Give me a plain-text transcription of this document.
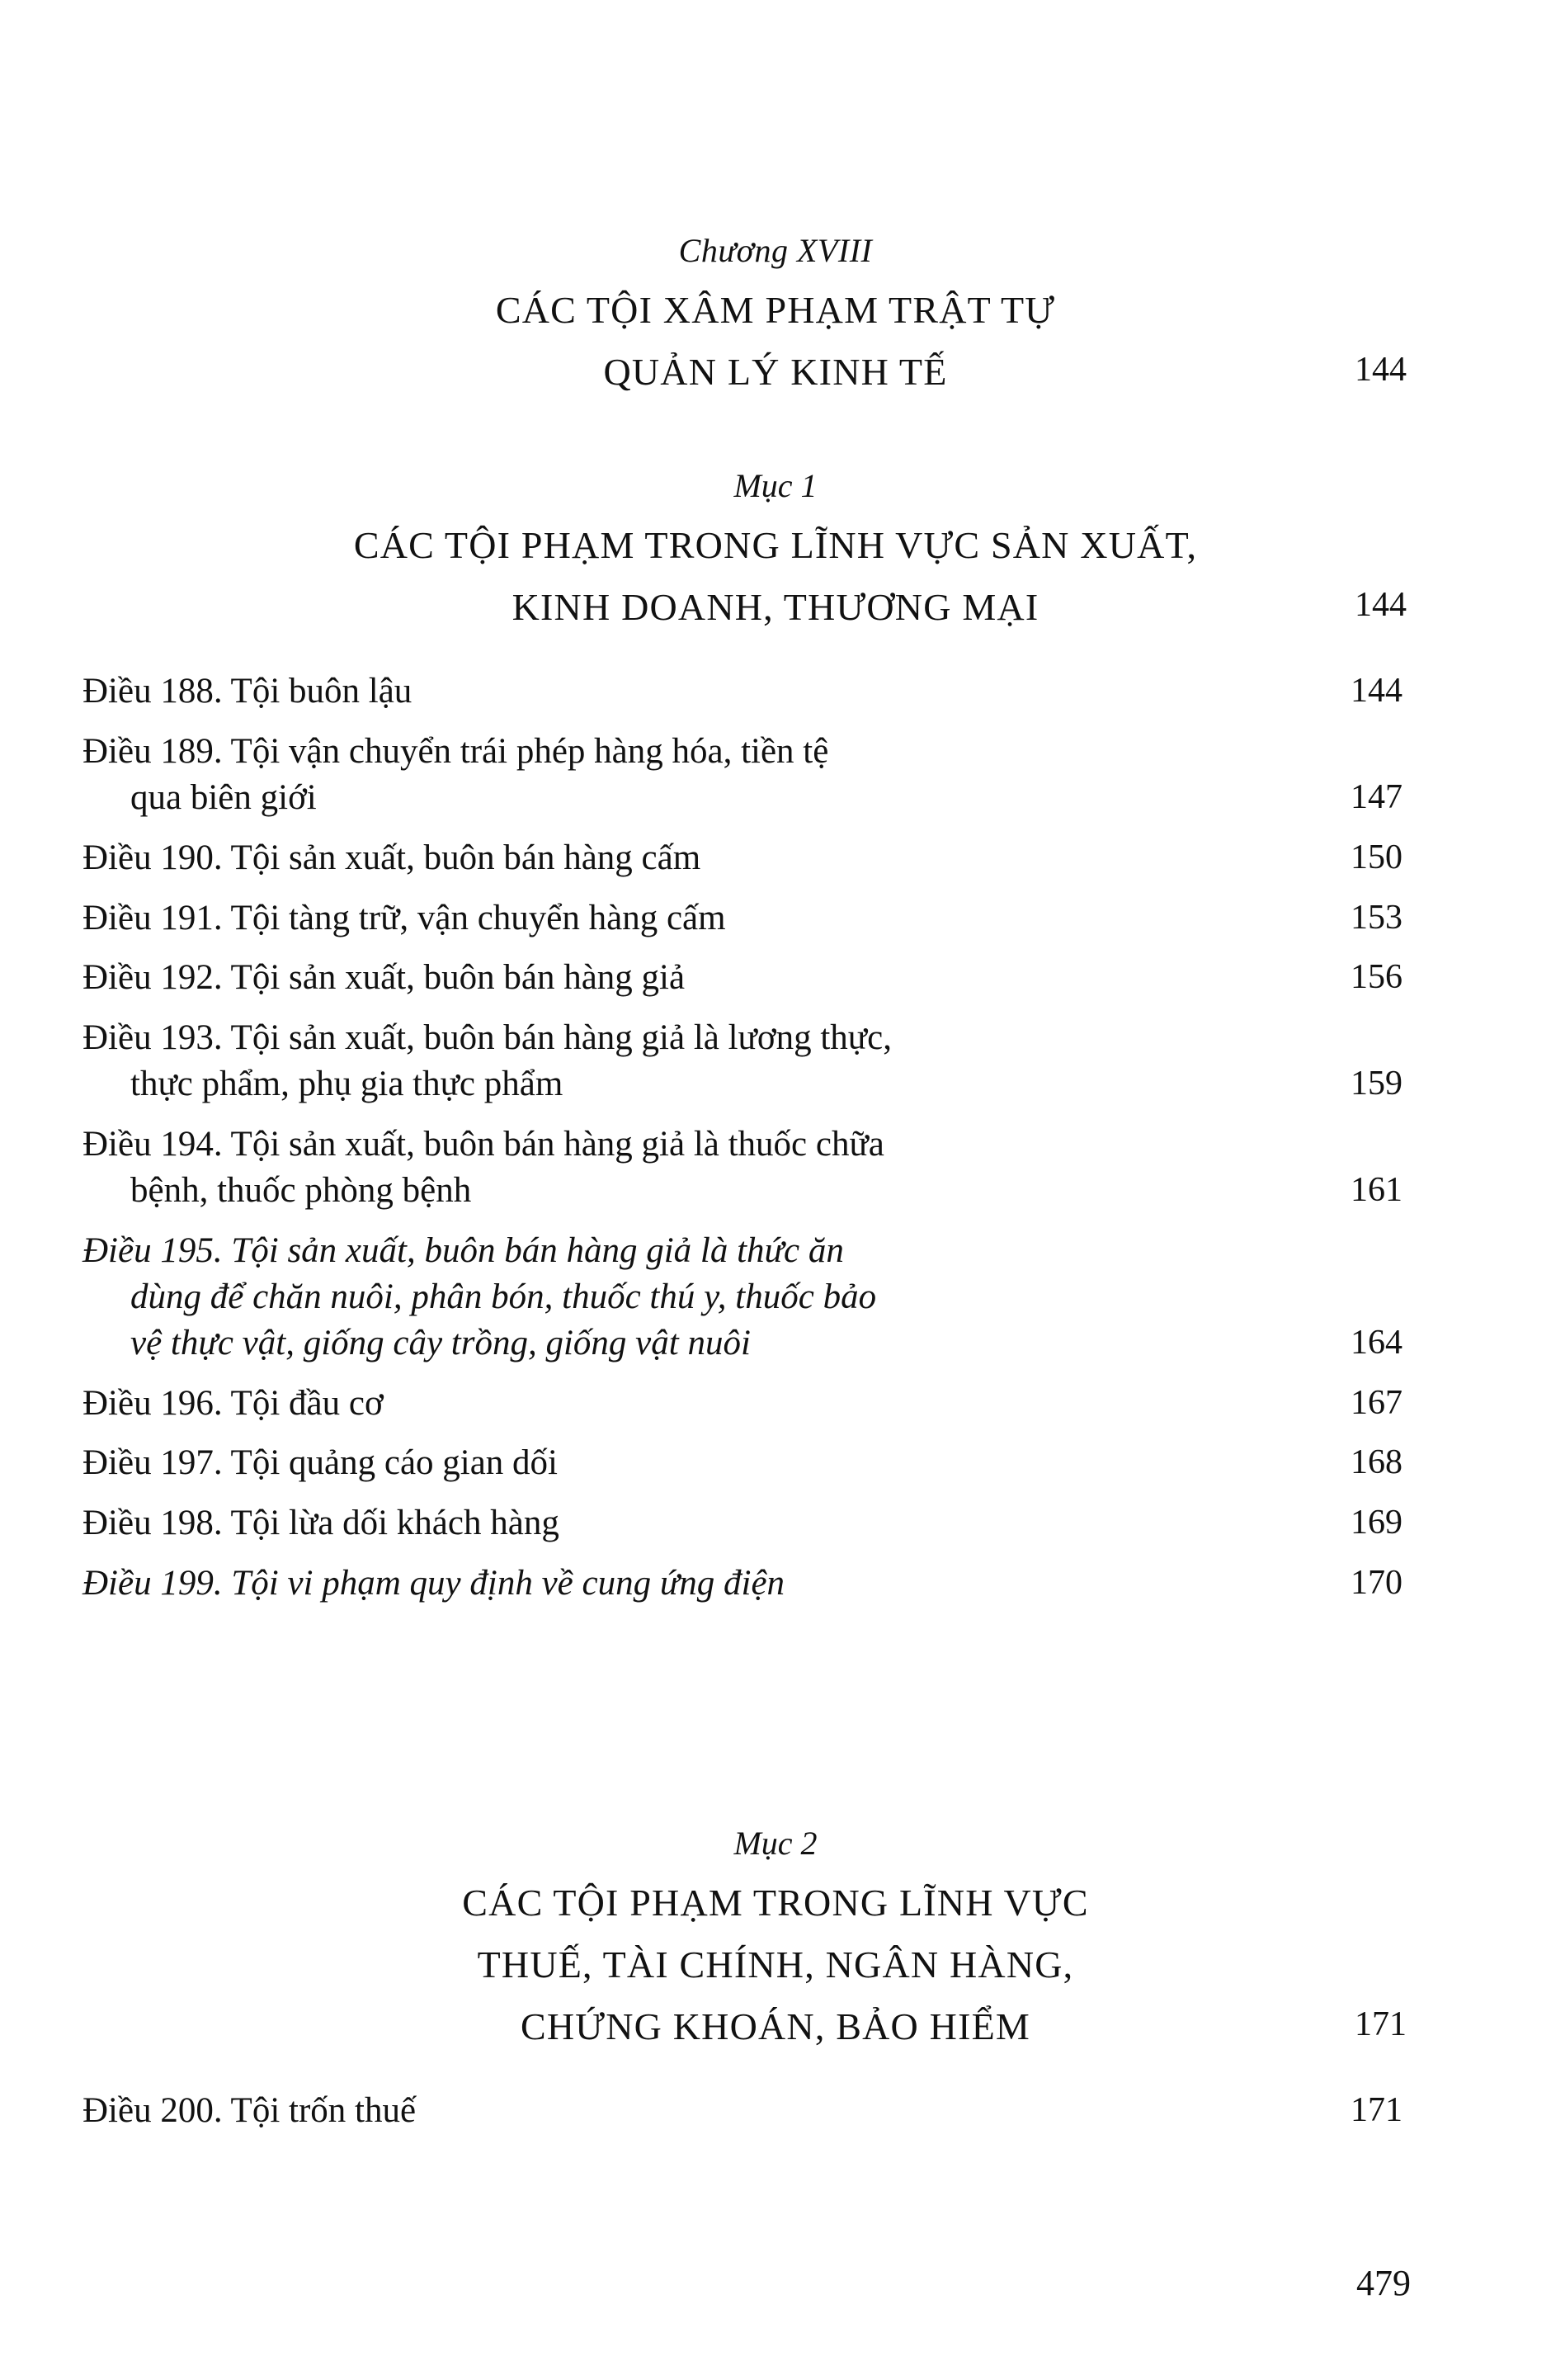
Chương XVIII
CÁC TỘI XÂM PHẠM TRẬT TỰ
QUẢN LÝ KINH TẾ	144
Mục 1
CÁC TỘI PHẠM TRONG LĨNH VỰC SẢN XUẤT,
KINH DOANH, THƯƠNG MẠI	144
Điều 188. Tội buôn lậu	144
Điều 189. Tội vận chuyển trái phép hàng hóa, tiền tệ
qua biên giới	147
Điều 190. Tội sản xuất, buôn bán hàng cấm	150
Điều 191. Tội tàng trữ, vận chuyển hàng cấm	153
Điều 192. Tội sản xuất, buôn bán hàng giả	156
Điều 193. Tội sản xuất, buôn bán hàng giả là lương thực,
thực phẩm, phụ gia thực phẩm	159
Điều 194. Tội sản xuất, buôn bán hàng giả là thuốc chữa
bệnh, thuốc phòng bệnh	161
Điều 195. Tội sản xuất, buôn bán hàng giả là thức ăn
dùng để chăn nuôi, phân bón, thuốc thú y, thuốc bảo
vệ thực vật, giống cây trồng, giống vật nuôi	164
Điều 196. Tội đầu cơ	167
Điều 197. Tội quảng cáo gian dối	168
Điều 198. Tội lừa dối khách hàng	169
Điều 199. Tội vi phạm quy định về cung ứng điện	170
Mục 2
CÁC TỘI PHẠM TRONG LĨNH VỰC
THUẾ, TÀI CHÍNH, NGÂN HÀNG,
CHỨNG KHOÁN, BẢO HIỂM	171
Điều 200. Tội trốn thuế	171
479
